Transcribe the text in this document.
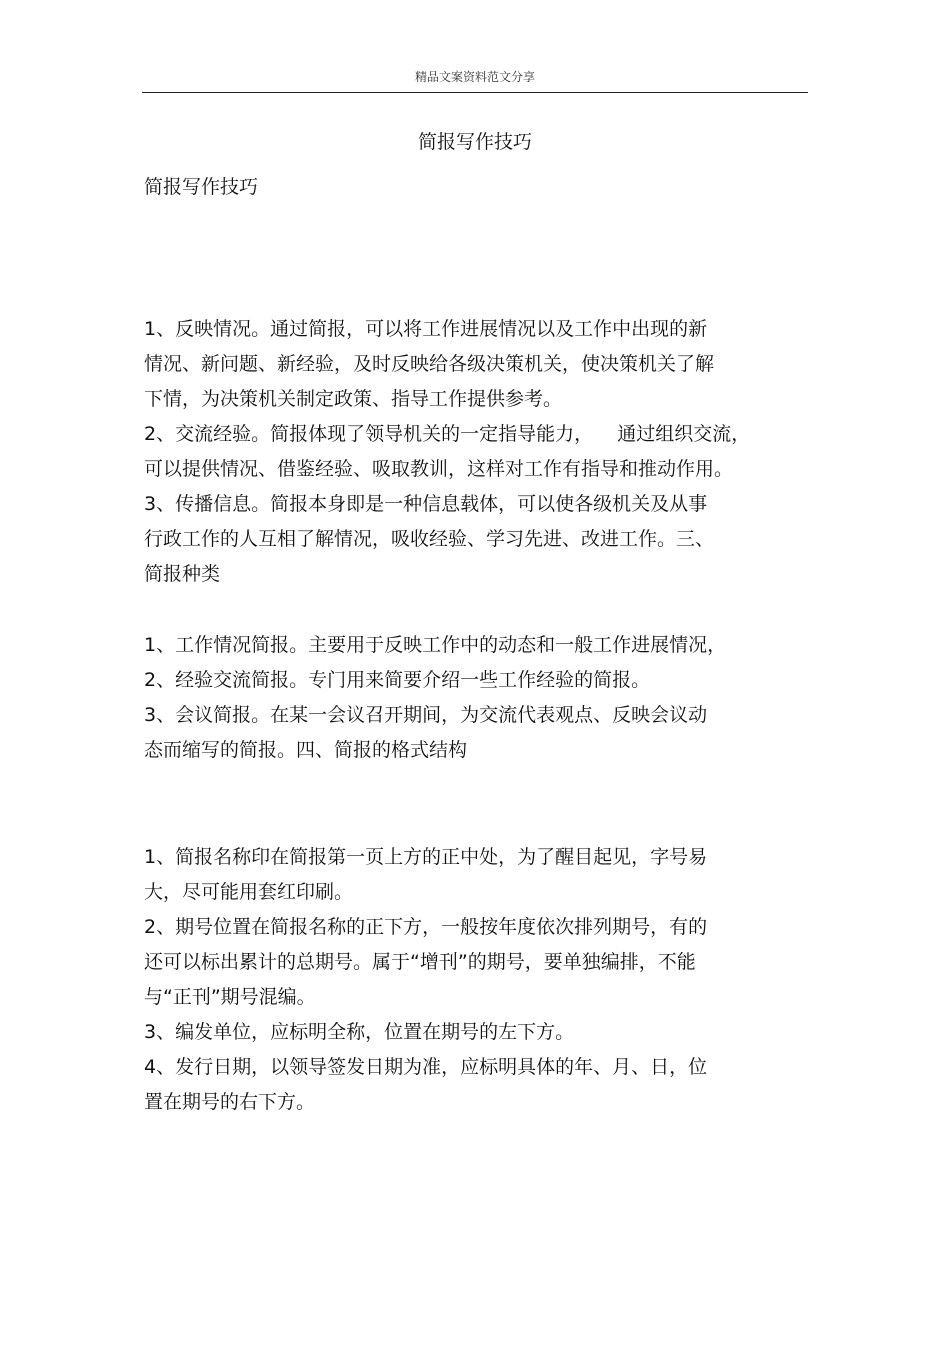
精品文案资料范文分享
简报写作技巧
简报写作技巧
1、反映情况。通过简报，可以将工作进展情况以及工作中出现的新
情况、新问题、新经验，及时反映给各级决策机关，使决策机关了解
下情，为决策机关制定政策、指导工作提供参考。
2、交流经验。简报体现了领导机关的一定指导能力，    通过组织交流，
可以提供情况、借鉴经验、吸取教训，这样对工作有指导和推动作用。
3、传播信息。简报本身即是一种信息载体，可以使各级机关及从事
行政工作的人互相了解情况，吸收经验、学习先进、改进工作。三、
简报种类
1、工作情况简报。主要用于反映工作中的动态和一般工作进展情况，
2、经验交流简报。专门用来简要介绍一些工作经验的简报。
3、会议简报。在某一会议召开期间，为交流代表观点、反映会议动
态而缩写的简报。四、简报的格式结构
1、简报名称印在简报第一页上方的正中处，为了醒目起见，字号易
大，尽可能用套红印刷。
2、期号位置在简报名称的正下方，一般按年度依次排列期号，有的
还可以标出累计的总期号。属于“增刊”的期号，要单独编排，不能
与“正刊”期号混编。
3、编发单位，应标明全称，位置在期号的左下方。
4、发行日期，以领导签发日期为准，应标明具体的年、月、日，位
置在期号的右下方。
